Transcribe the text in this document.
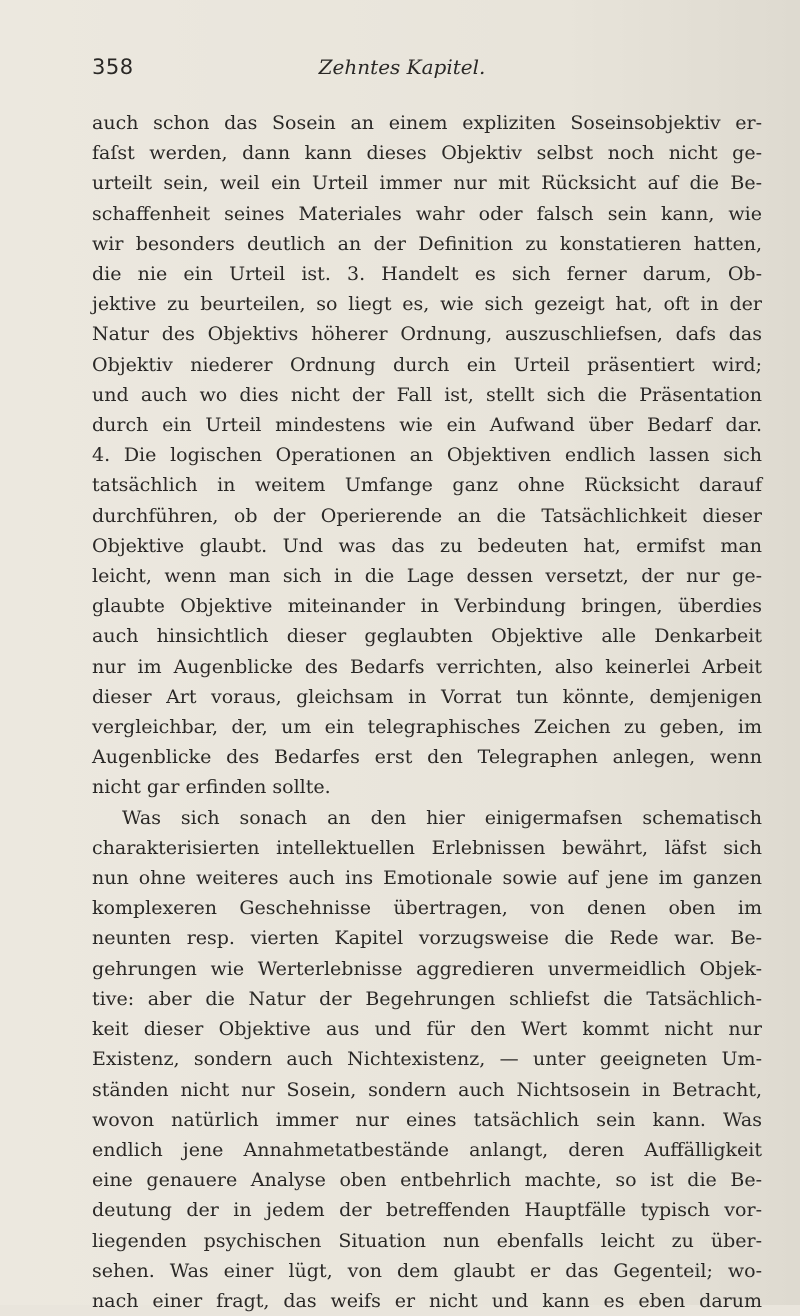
358	Zehntes Kapitel.
auch schon das Sosein an einem expliziten Soseinsobjektiv er-
faſst werden, dann kann dieses Objektiv selbst noch nicht ge-
urteilt sein, weil ein Urteil immer nur mit Rücksicht auf die Be-
schaffenheit seines Materiales wahr oder falsch sein kann, wie
wir besonders deutlich an der Definition zu konstatieren hatten,
die nie ein Urteil ist. 3. Handelt es sich ferner darum, Ob-
jektive zu beurteilen, so liegt es, wie sich gezeigt hat, oft in der
Natur des Objektivs höherer Ordnung, auszuschliefsen, dafs das
Objektiv niederer Ordnung durch ein Urteil präsentiert wird;
und auch wo dies nicht der Fall ist, stellt sich die Präsentation
durch ein Urteil mindestens wie ein Aufwand über Bedarf dar.
4. Die logischen Operationen an Objektiven endlich lassen sich
tatsächlich in weitem Umfange ganz ohne Rücksicht darauf
durchführen, ob der Operierende an die Tatsächlichkeit dieser
Objektive glaubt. Und was das zu bedeuten hat, ermifst man
leicht, wenn man sich in die Lage dessen versetzt, der nur ge-
glaubte Objektive miteinander in Verbindung bringen, überdies
auch hinsichtlich dieser geglaubten Objektive alle Denkarbeit
nur im Augenblicke des Bedarfs verrichten, also keinerlei Arbeit
dieser Art voraus, gleichsam in Vorrat tun könnte, demjenigen
vergleichbar, der, um ein telegraphisches Zeichen zu geben, im
Augenblicke des Bedarfes erst den Telegraphen anlegen, wenn
nicht gar erfinden sollte.
Was sich sonach an den hier einigermafsen schematisch
charakterisierten intellektuellen Erlebnissen bewährt, läfst sich
nun ohne weiteres auch ins Emotionale sowie auf jene im ganzen
komplexeren Geschehnisse übertragen, von denen oben im
neunten resp. vierten Kapitel vorzugsweise die Rede war. Be-
gehrungen wie Werterlebnisse aggredieren unvermeidlich Objek-
tive: aber die Natur der Begehrungen schliefst die Tatsächlich-
keit dieser Objektive aus und für den Wert kommt nicht nur
Existenz, sondern auch Nichtexistenz, — unter geeigneten Um-
ständen nicht nur Sosein, sondern auch Nichtsosein in Betracht,
wovon natürlich immer nur eines tatsächlich sein kann. Was
endlich jene Annahmetatbestände anlangt, deren Auffälligkeit
eine genauere Analyse oben entbehrlich machte, so ist die Be-
deutung der in jedem der betreffenden Hauptfälle typisch vor-
liegenden psychischen Situation nun ebenfalls leicht zu über-
sehen. Was einer lügt, von dem glaubt er das Gegenteil; wo-
nach einer fragt, das weifs er nicht und kann es eben darum
